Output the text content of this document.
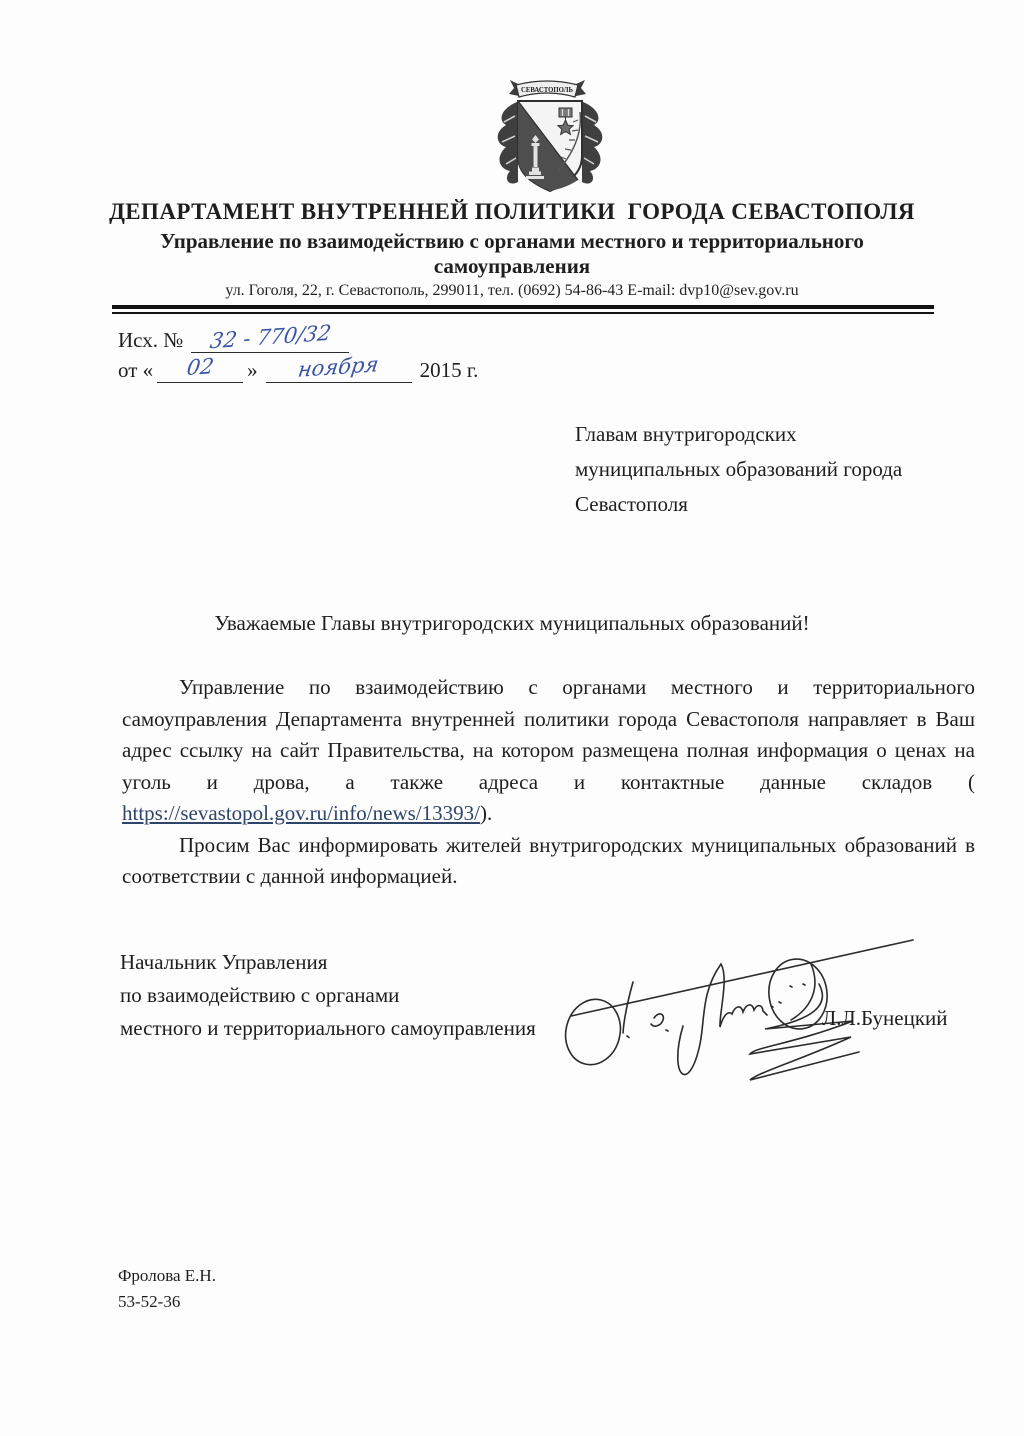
СЕВАСТОПОЛЬ
ДЕПАРТАМЕНТ ВНУТРЕННЕЙ ПОЛИТИКИ  ГОРОДА СЕВАСТОПОЛЯ
Управление по взаимодействию с органами местного и территориального
самоуправления
ул. Гоголя, 22, г. Севастополь, 299011, тел. (0692) 54-86-43 E-mail: dvp10@sev.gov.ru
Исх. № 32 - 770/32
от « 02 » ноября 2015 г.
Главам внутригородских
муниципальных образований города
Севастополя
Уважаемые Главы внутригородских муниципальных образований!

Управление по взаимодействию с органами местного и территориального самоуправления Департамента внутренней политики города Севастополя направляет в Ваш адрес ссылку на сайт Правительства, на котором размещена полная информация о ценах на уголь и дрова, а также адреса и контактные данные складов ( https://sevastopol.gov.ru/info/news/13393/).

Просим Вас информировать жителей внутригородских муниципальных образований в соответствии с данной информацией.

Начальник Управления
по взаимодействию с органами
местного и территориального самоуправления	Л.Л.Бунецкий
Фролова Е.Н.
53-52-36
